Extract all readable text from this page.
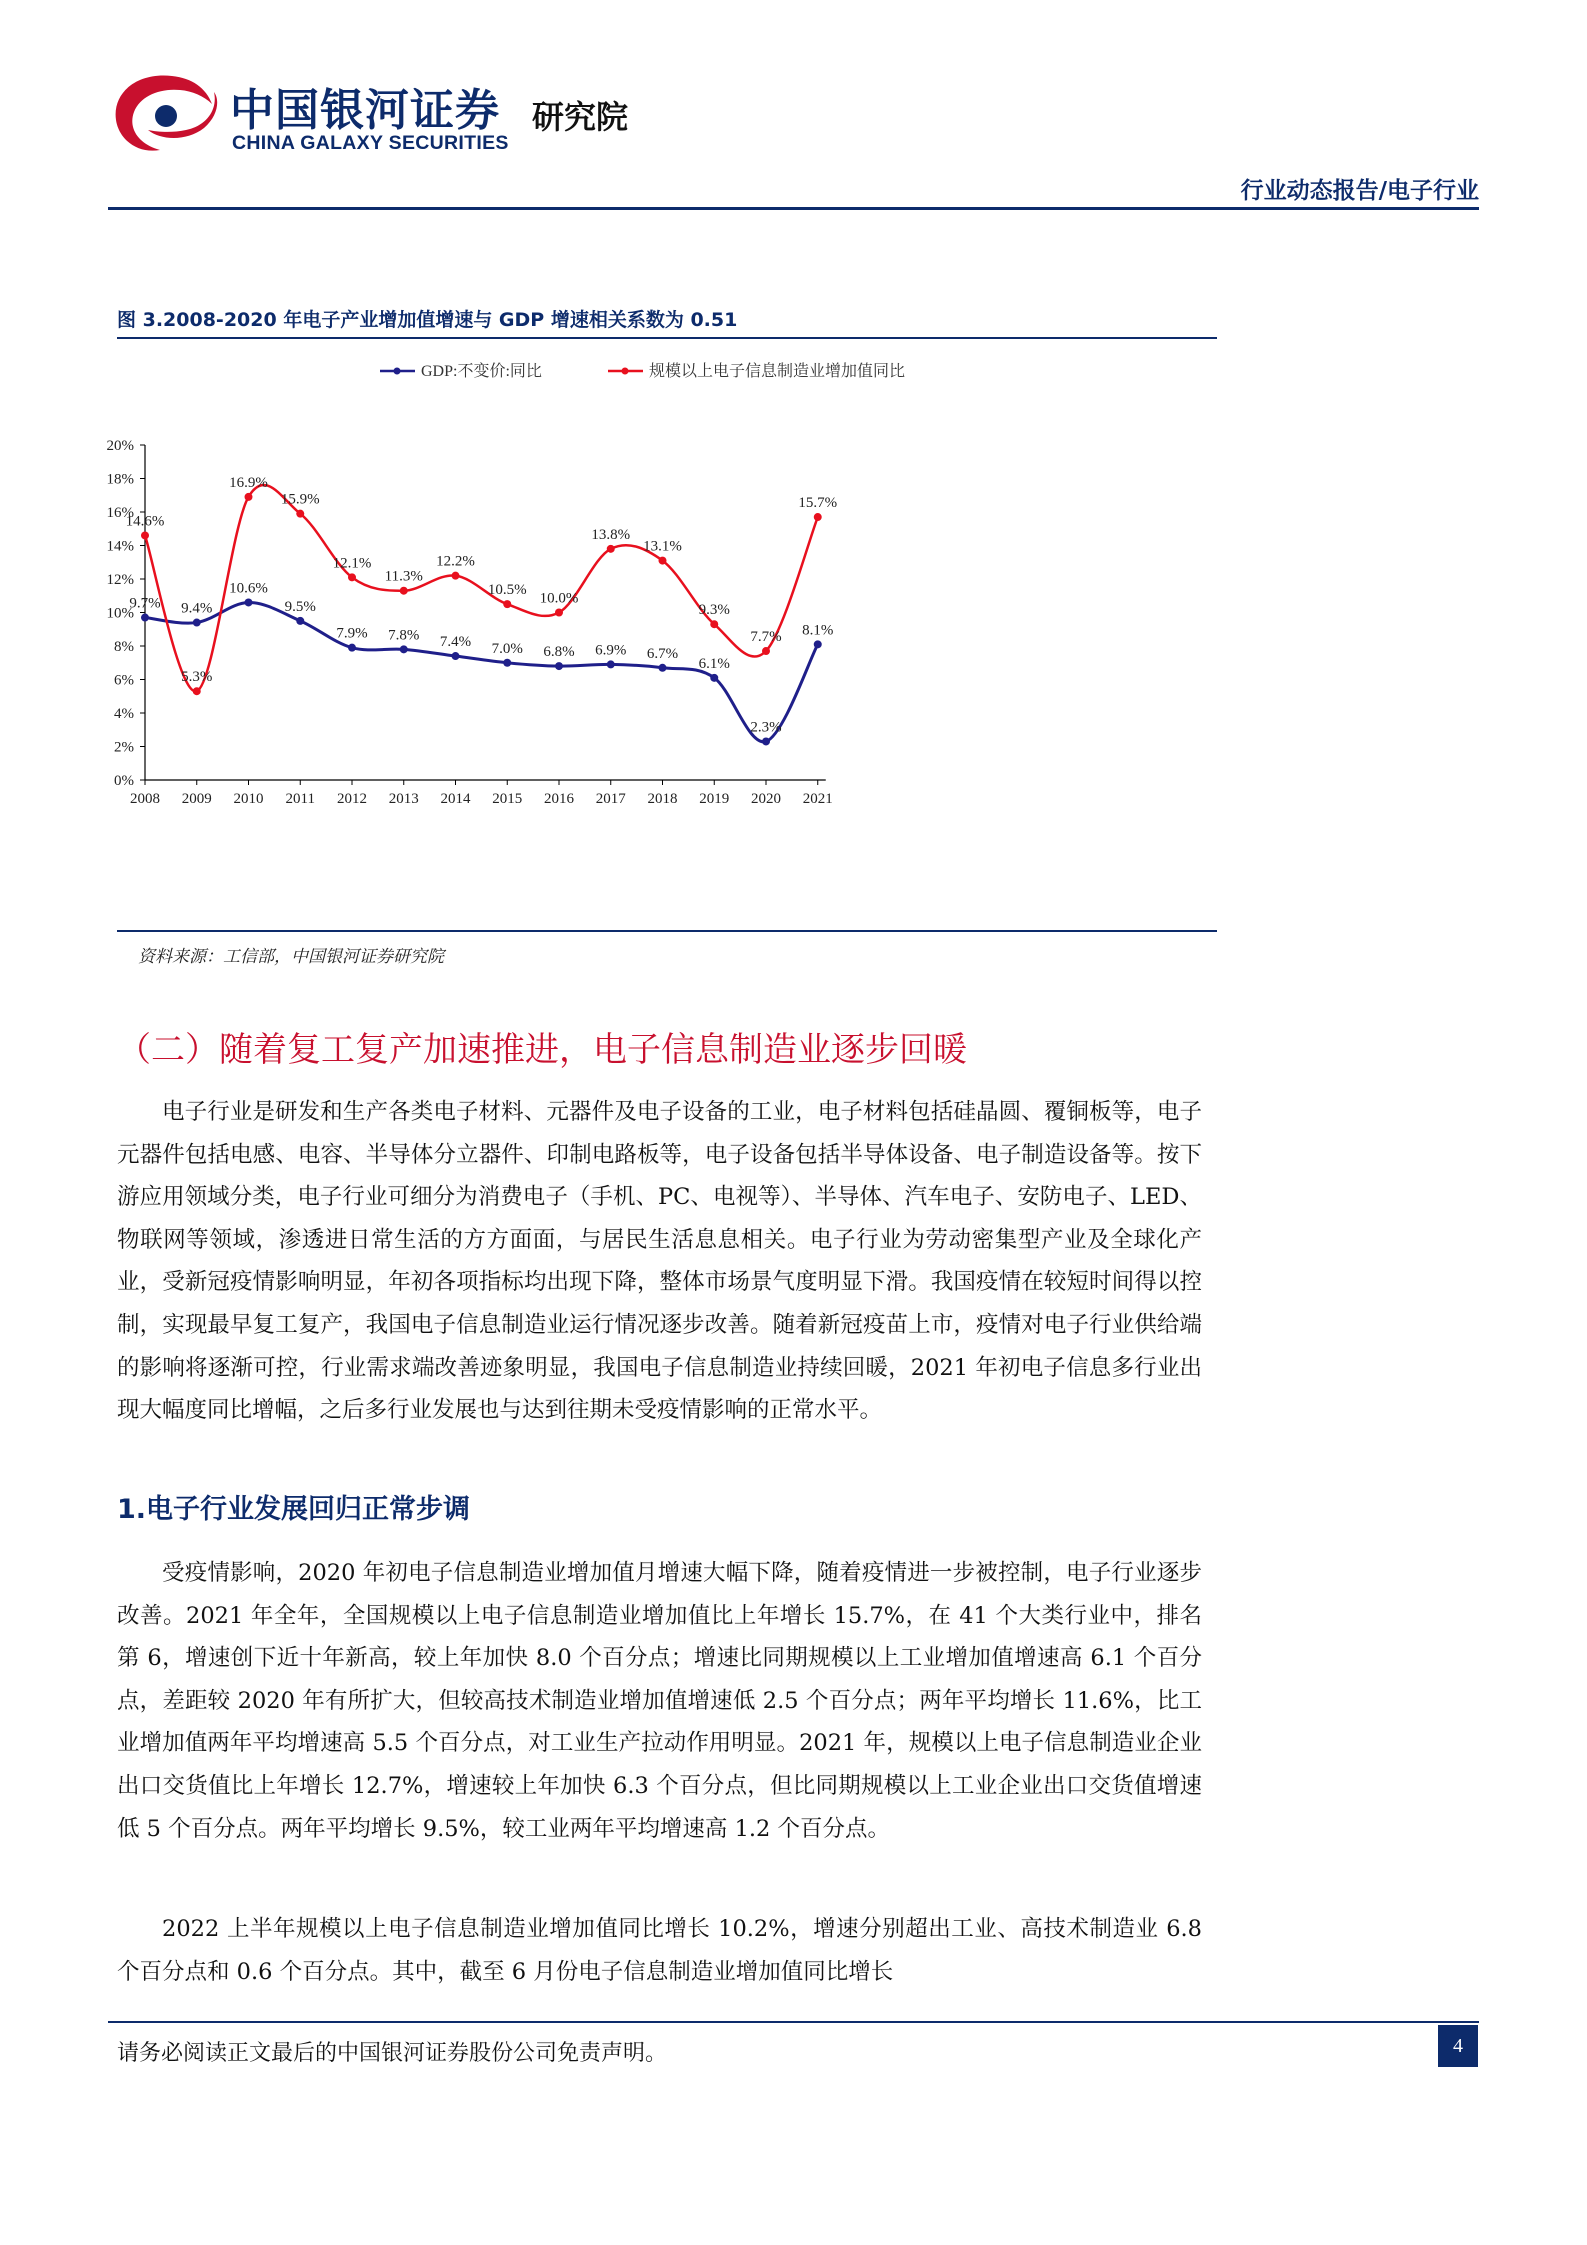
中国银河证券
CHINA GALAXY SECURITIES
研究院
行业动态报告/电子行业
图 3.2008-2020 年电子产业增加值增速与 GDP 增速相关系数为 0.51
GDP:不变价:同比	规模以上电子信息制造业增加值同比
0%
2%
4%
6%
8%
10%
12%
14%
16%
18%
20%
2008 2009 2010 2011 2012 2013 2014 2015 2016 2017 2018 2019 2020 2021
9.7% 9.4%
10.6%
9.5%
7.9% 7.8% 7.4% 7.0% 6.8% 6.9% 6.7%
6.1%
2.3%
8.1%
14.6%
5.3%
16.9%
15.9%
12.1%
11.3%
12.2%
10.5%
10.0%
13.8%
13.1%
9.3%
7.7%
15.7%
资料来源：工信部，中国银河证券研究院
（二）随着复工复产加速推进，电子信息制造业逐步回暖

电子行业是研发和生产各类电子材料、元器件及电子设备的工业，电子材料包括硅晶圆、覆铜板等，电子元器件包括电感、电容、半导体分立器件、印制电路板等，电子设备包括半导体设备、电子制造设备等。按下游应用领域分类，电子行业可细分为消费电子（手机、PC、电视等）、半导体、汽车电子、安防电子、LED、物联网等领域，渗透进日常生活的方方面面，与居民生活息息相关。电子行业为劳动密集型产业及全球化产业，受新冠疫情影响明显，年初各项指标均出现下降，整体市场景气度明显下滑。我国疫情在较短时间得以控制，实现最早复工复产，我国电子信息制造业运行情况逐步改善。随着新冠疫苗上市，疫情对电子行业供给端的影响将逐渐可控，行业需求端改善迹象明显，我国电子信息制造业持续回暖，2021 年初电子信息多行业出现大幅度同比增幅，之后多行业发展也与达到往期未受疫情影响的正常水平。

1.电子行业发展回归正常步调

受疫情影响，2020 年初电子信息制造业增加值月增速大幅下降，随着疫情进一步被控制，电子行业逐步改善。2021 年全年，全国规模以上电子信息制造业增加值比上年增长 15.7%，在 41 个大类行业中，排名第 6，增速创下近十年新高，较上年加快 8.0 个百分点；增速比同期规模以上工业增加值增速高 6.1 个百分点，差距较 2020 年有所扩大，但较高技术制造业增加值增速低 2.5 个百分点；两年平均增长 11.6%，比工业增加值两年平均增速高 5.5 个百分点，对工业生产拉动作用明显。2021 年，规模以上电子信息制造业企业出口交货值比上年增长 12.7%，增速较上年加快 6.3 个百分点，但比同期规模以上工业企业出口交货值增速低 5 个百分点。两年平均增长 9.5%，较工业两年平均增速高 1.2 个百分点。

2022 上半年规模以上电子信息制造业增加值同比增长 10.2%，增速分别超出工业、高技术制造业 6.8 个百分点和 0.6 个百分点。其中，截至 6 月份电子信息制造业增加值同比增长

请务必阅读正文最后的中国银河证券股份公司免责声明。	4
